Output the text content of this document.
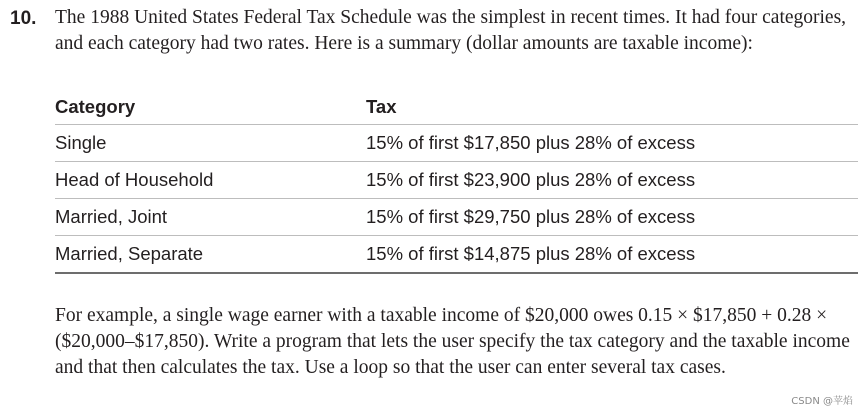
10. The 1988 United States Federal Tax Schedule was the simplest in recent times. It had four categories, and each category had two rates. Here is a summary (dollar amounts are taxable income):

Category	Tax
Single	15% of first $17,850 plus 28% of excess
Head of Household	15% of first $23,900 plus 28% of excess
Married, Joint	15% of first $29,750 plus 28% of excess
Married, Separate	15% of first $14,875 plus 28% of excess

For example, a single wage earner with a taxable income of $20,000 owes 0.15 × $17,850 + 0.28 × ($20,000–$17,850). Write a program that lets the user specify the tax category and the taxable income and that then calculates the tax. Use a loop so that the user can enter several tax cases.

CSDN @苹焰
